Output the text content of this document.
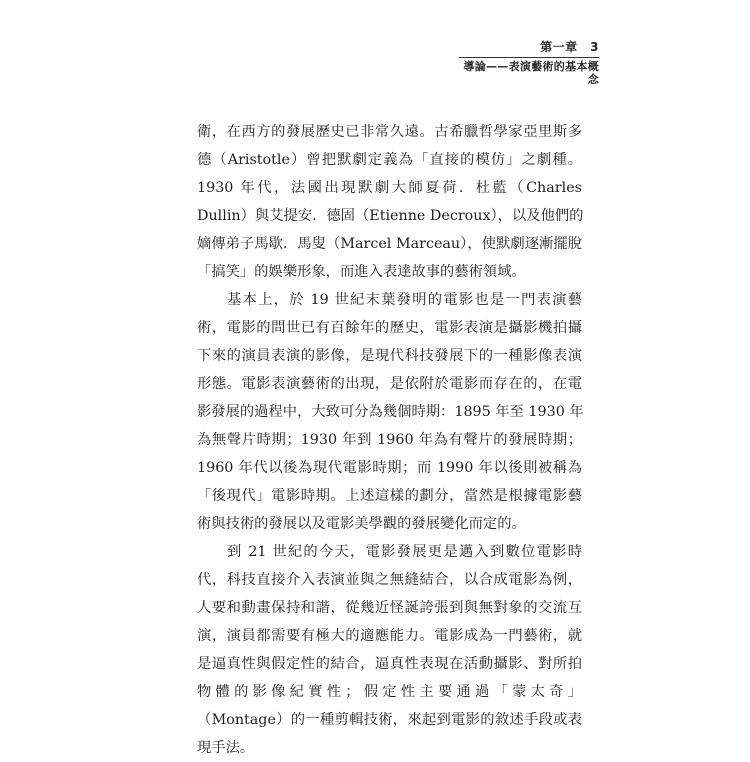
第一章　3
導論——表演藝術的基本概念
衛，在西方的發展歷史已非常久遠。古希臘哲學家亞里斯多
德（Aristotle）曾把默劇定義為「直接的模仿」之劇種。
1930 年代，法國出現默劇大師夏荷．杜藍（Charles
Dullin）與艾提安．德固（Etienne Decroux），以及他們的
嫡傳弟子馬歇．馬叟（Marcel Marceau），使默劇逐漸擺脫
「搞笑」的娛樂形象，而進入表達故事的藝術領域。
基本上，於 19 世紀末葉發明的電影也是一門表演藝
術，電影的問世已有百餘年的歷史，電影表演是攝影機拍攝
下來的演員表演的影像，是現代科技發展下的一種影像表演
形態。電影表演藝術的出現，是依附於電影而存在的，在電
影發展的過程中，大致可分為幾個時期：1895 年至 1930 年
為無聲片時期；1930 年到 1960 年為有聲片的發展時期；
1960 年代以後為現代電影時期；而 1990 年以後則被稱為
「後現代」電影時期。上述這樣的劃分，當然是根據電影藝
術與技術的發展以及電影美學觀的發展變化而定的。
到 21 世紀的今天，電影發展更是邁入到數位電影時
代，科技直接介入表演並與之無縫結合，以合成電影為例，
人要和動畫保持和諧，從幾近怪誕誇張到與無對象的交流互
演，演員都需要有極大的適應能力。電影成為一門藝術，就
是逼真性與假定性的結合，逼真性表現在活動攝影、對所拍
物體的影像紀實性；假定性主要通過「蒙太奇」
（Montage）的一種剪輯技術，來起到電影的敘述手段或表
現手法。
